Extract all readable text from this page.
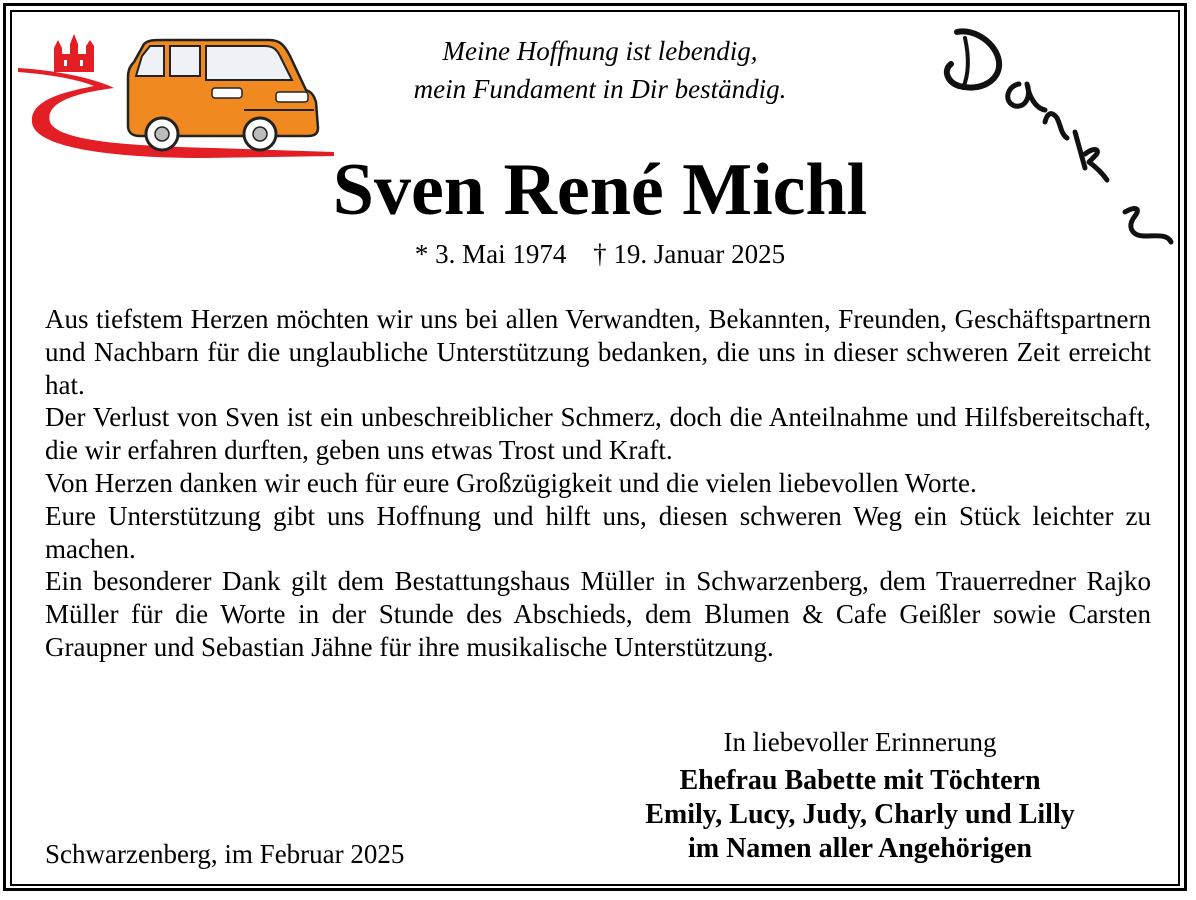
Meine Hoffnung ist lebendig,
mein Fundament in Dir beständig.
Sven René Michl
* 3. Mai 1974 † 19. Januar 2025

Aus tiefstem Herzen möchten wir uns bei allen Verwandten, Bekannten, Freunden, Geschäftspartnern und Nachbarn für die unglaubliche Unterstützung bedanken, die uns in dieser schweren Zeit erreicht hat.

Der Verlust von Sven ist ein unbeschreiblicher Schmerz, doch die Anteilnahme und Hilfsbereitschaft, die wir erfahren durften, geben uns etwas Trost und Kraft.

Von Herzen danken wir euch für eure Großzügigkeit und die vielen liebevollen Worte.

Eure Unterstützung gibt uns Hoffnung und hilft uns, diesen schweren Weg ein Stück leichter zu machen.

Ein besonderer Dank gilt dem Bestattungshaus Müller in Schwarzenberg, dem Trauerredner Rajko Müller für die Worte in der Stunde des Abschieds, dem Blumen & Cafe Geißler sowie Carsten Graupner und Sebastian Jähne für ihre musikalische Unterstützung.

In liebevoller Erinnerung
Ehefrau Babette mit Töchtern
Emily, Lucy, Judy, Charly und Lilly
im Namen aller Angehörigen
Schwarzenberg, im Februar 2025
